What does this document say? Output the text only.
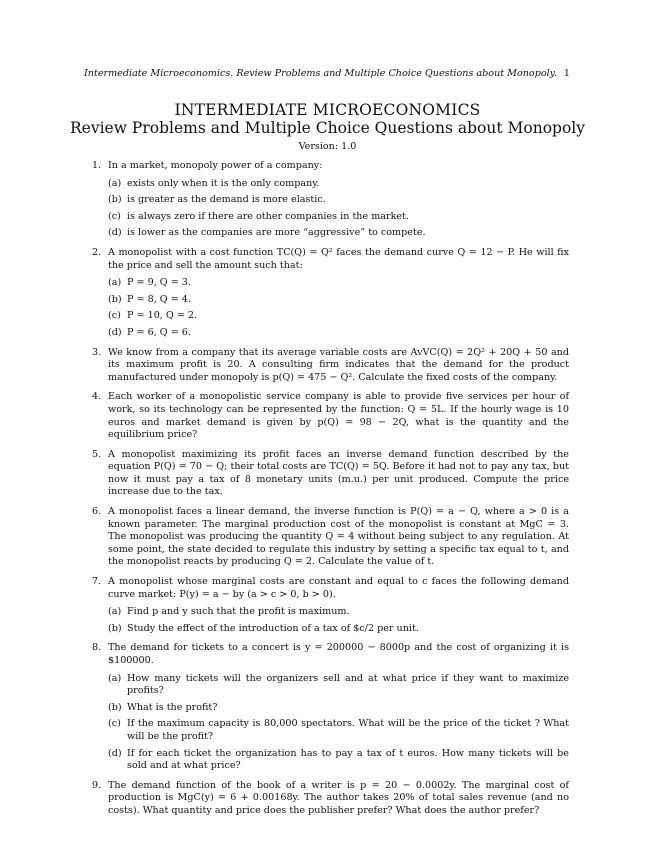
Intermediate Microeconomics. Review Problems and Multiple Choice Questions about Monopoly. 1
INTERMEDIATE MICROECONOMICS
Review Problems and Multiple Choice Questions about Monopoly
Version: 1.0
1. In a market, monopoly power of a company:
(a) exists only when it is the only company.
(b) is greater as the demand is more elastic.
(c) is always zero if there are other companies in the market.
(d) is lower as the companies are more “aggressive” to compete.
2. A monopolist with a cost function TC(Q) = Q² faces the demand curve Q = 12 − P. He will fix the price and sell the amount such that:
(a) P = 9, Q = 3.
(b) P = 8, Q = 4.
(c) P = 10, Q = 2.
(d) P = 6, Q = 6.
3. We know from a company that its average variable costs are AvVC(Q) = 2Q² + 20Q + 50 and its maximum profit is 20. A consulting firm indicates that the demand for the product manufactured under monopoly is p(Q) = 475 − Q². Calculate the fixed costs of the company.
4. Each worker of a monopolistic service company is able to provide five services per hour of work, so its technology can be represented by the function: Q = 5L. If the hourly wage is 10 euros and market demand is given by p(Q) = 98 − 2Q, what is the quantity and the equilibrium price?
5. A monopolist maximizing its profit faces an inverse demand function described by the equation P(Q) = 70 − Q; their total costs are TC(Q) = 5Q. Before it had not to pay any tax, but now it must pay a tax of 8 monetary units (m.u.) per unit produced. Compute the price increase due to the tax.
6. A monopolist faces a linear demand, the inverse function is P(Q) = a − Q, where a > 0 is a known parameter. The marginal production cost of the monopolist is constant at MgC = 3. The monopolist was producing the quantity Q = 4 without being subject to any regulation. At some point, the state decided to regulate this industry by setting a specific tax equal to t, and the monopolist reacts by producing Q = 2. Calculate the value of t.
7. A monopolist whose marginal costs are constant and equal to c faces the following demand curve market: P(y) = a − by (a > c > 0, b > 0).
(a) Find p and y such that the profit is maximum.
(b) Study the effect of the introduction of a tax of $c/2 per unit.
8. The demand for tickets to a concert is y = 200000 − 8000p and the cost of organizing it is $100000.
(a) How many tickets will the organizers sell and at what price if they want to maximize profits?
(b) What is the profit?
(c) If the maximum capacity is 80,000 spectators. What will be the price of the ticket ? What will be the profit?
(d) If for each ticket the organization has to pay a tax of t euros. How many tickets will be sold and at what price?
9. The demand function of the book of a writer is p = 20 − 0.0002y. The marginal cost of production is MgC(y) = 6 + 0.00168y. The author takes 20% of total sales revenue (and no costs). What quantity and price does the publisher prefer? What does the author prefer?
